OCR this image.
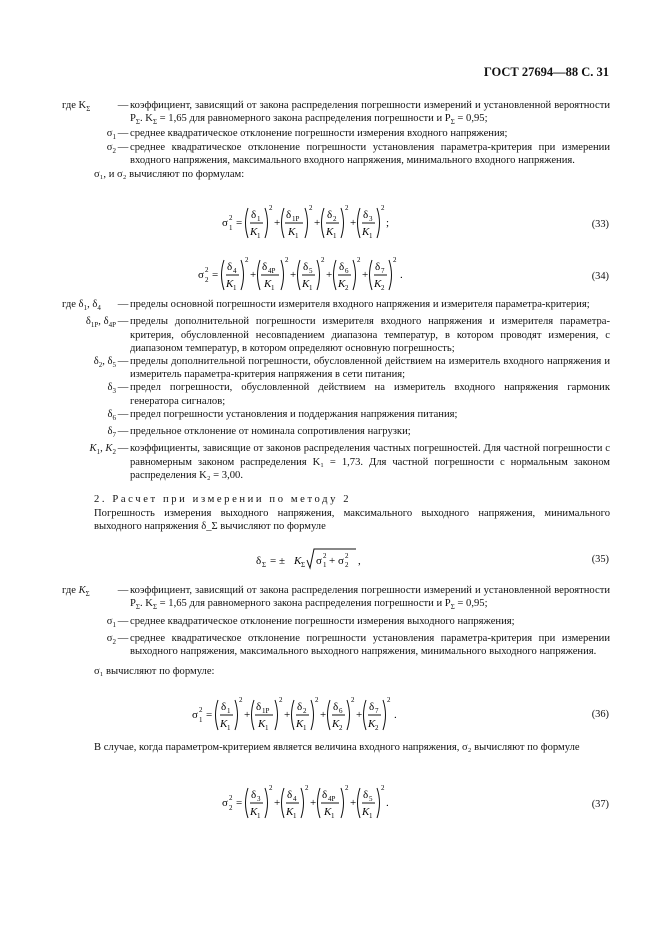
ГОСТ 27694—88 С. 31
где $K_\Sigma$	— коэффициент, зависящий от закона распределения погрешности измерений и установленной вероятности $P_\Sigma$. $K_\Sigma = 1,65$ для равномерного закона распределения погрешности и $P_\Sigma = 0,95$;
$\sigma_1$ — среднее квадратическое отклонение погрешности измерения входного напряжения;
$\sigma_2$ — среднее квадратическое отклонение погрешности установления параметра-критерия при измерении входного напряжения, максимального входного напряжения, минимального входного напряжения.
σ₁, и σ₂ вычисляют по формулам:
σ 2
1 =
δ 1
K 1
2
+
δ 1P
K 1
2
+
δ 2
K 1
2
+
δ 3
K 1
2
;	(33)
σ 2
2 =
δ 4
K 1
2
+
δ 4P
K 1
2
+
δ 5
K 1
2
+
δ 6
K 2
2
+
δ 7
K 2
2
.	(34)
где $\delta_1$, $\delta_4$	— пределы основной погрешности измерителя входного напряжения и измерителя параметра-критерия;
$\delta_{1P}$, $\delta_{4P}$ — пределы дополнительной погрешности измерителя входного напряжения и измерителя параметра-критерия, обусловленной несовпадением диапазона температур, в котором проводят измерения, с диапазоном температур, в котором определяют основную погрешность;
$\delta_2$, $\delta_5$ — пределы дополнительной погрешности, обусловленной действием на измеритель входного напряжения и измеритель параметра-критерия напряжения в сети питания;
$\delta_3$ — предел погрешности, обусловленной действием на измеритель входного напряжения гармоник генератора сигналов;
$\delta_6$ — предел погрешности установления и поддержания напряжения питания;
$\delta_7$ — предельное отклонение от номинала сопротивления нагрузки;
$K_1$, $K_2$ — коэффициенты, зависящие от законов распределения частных погрешностей. Для частной погрешности с равномерным законом распределения K₁ = 1,73. Для частной погрешности с нормальным законом распределения K₂ = 3,00.
2. Расчет при измерении по методу 2
Погрешность измерения выходного напряжения, максимального выходного напряжения, минимального выходного напряжения δ_Σ вычисляют по формуле
δ Σ = ± K Σ σ 2
1 + σ 2
2 ,	(35)
где $K_\Sigma$	— коэффициент, зависящий от закона распределения погрешности измерений и установленной вероятности $P_\Sigma$. $K_\Sigma = 1,65$ для равномерного закона распределения погрешности и $P_\Sigma = 0,95$;
$\sigma_1$ — среднее квадратическое отклонение погрешности измерения выходного напряжения;
$\sigma_2$ — среднее квадратическое отклонение погрешности установления параметра-критерия при измерении выходного напряжения, максимального выходного напряжения, минимального выходного напряжения.
σ₁ вычисляют по формуле:
σ 2
1 =
δ 1
K 1
2
+
δ 1P
K 1
2
+
δ 2
K 1
2
+
δ 6
K 2
2
+
δ 7
K 2
2
.	(36)
В случае, когда параметром-критерием является величина входного напряжения, σ₂ вычисляют по формуле
σ 2
2 =
δ 3
K 1
2
+
δ 4
K 1
2
+
δ 4P
K 1
2
+
δ 5
K 1
2
.	(37)
